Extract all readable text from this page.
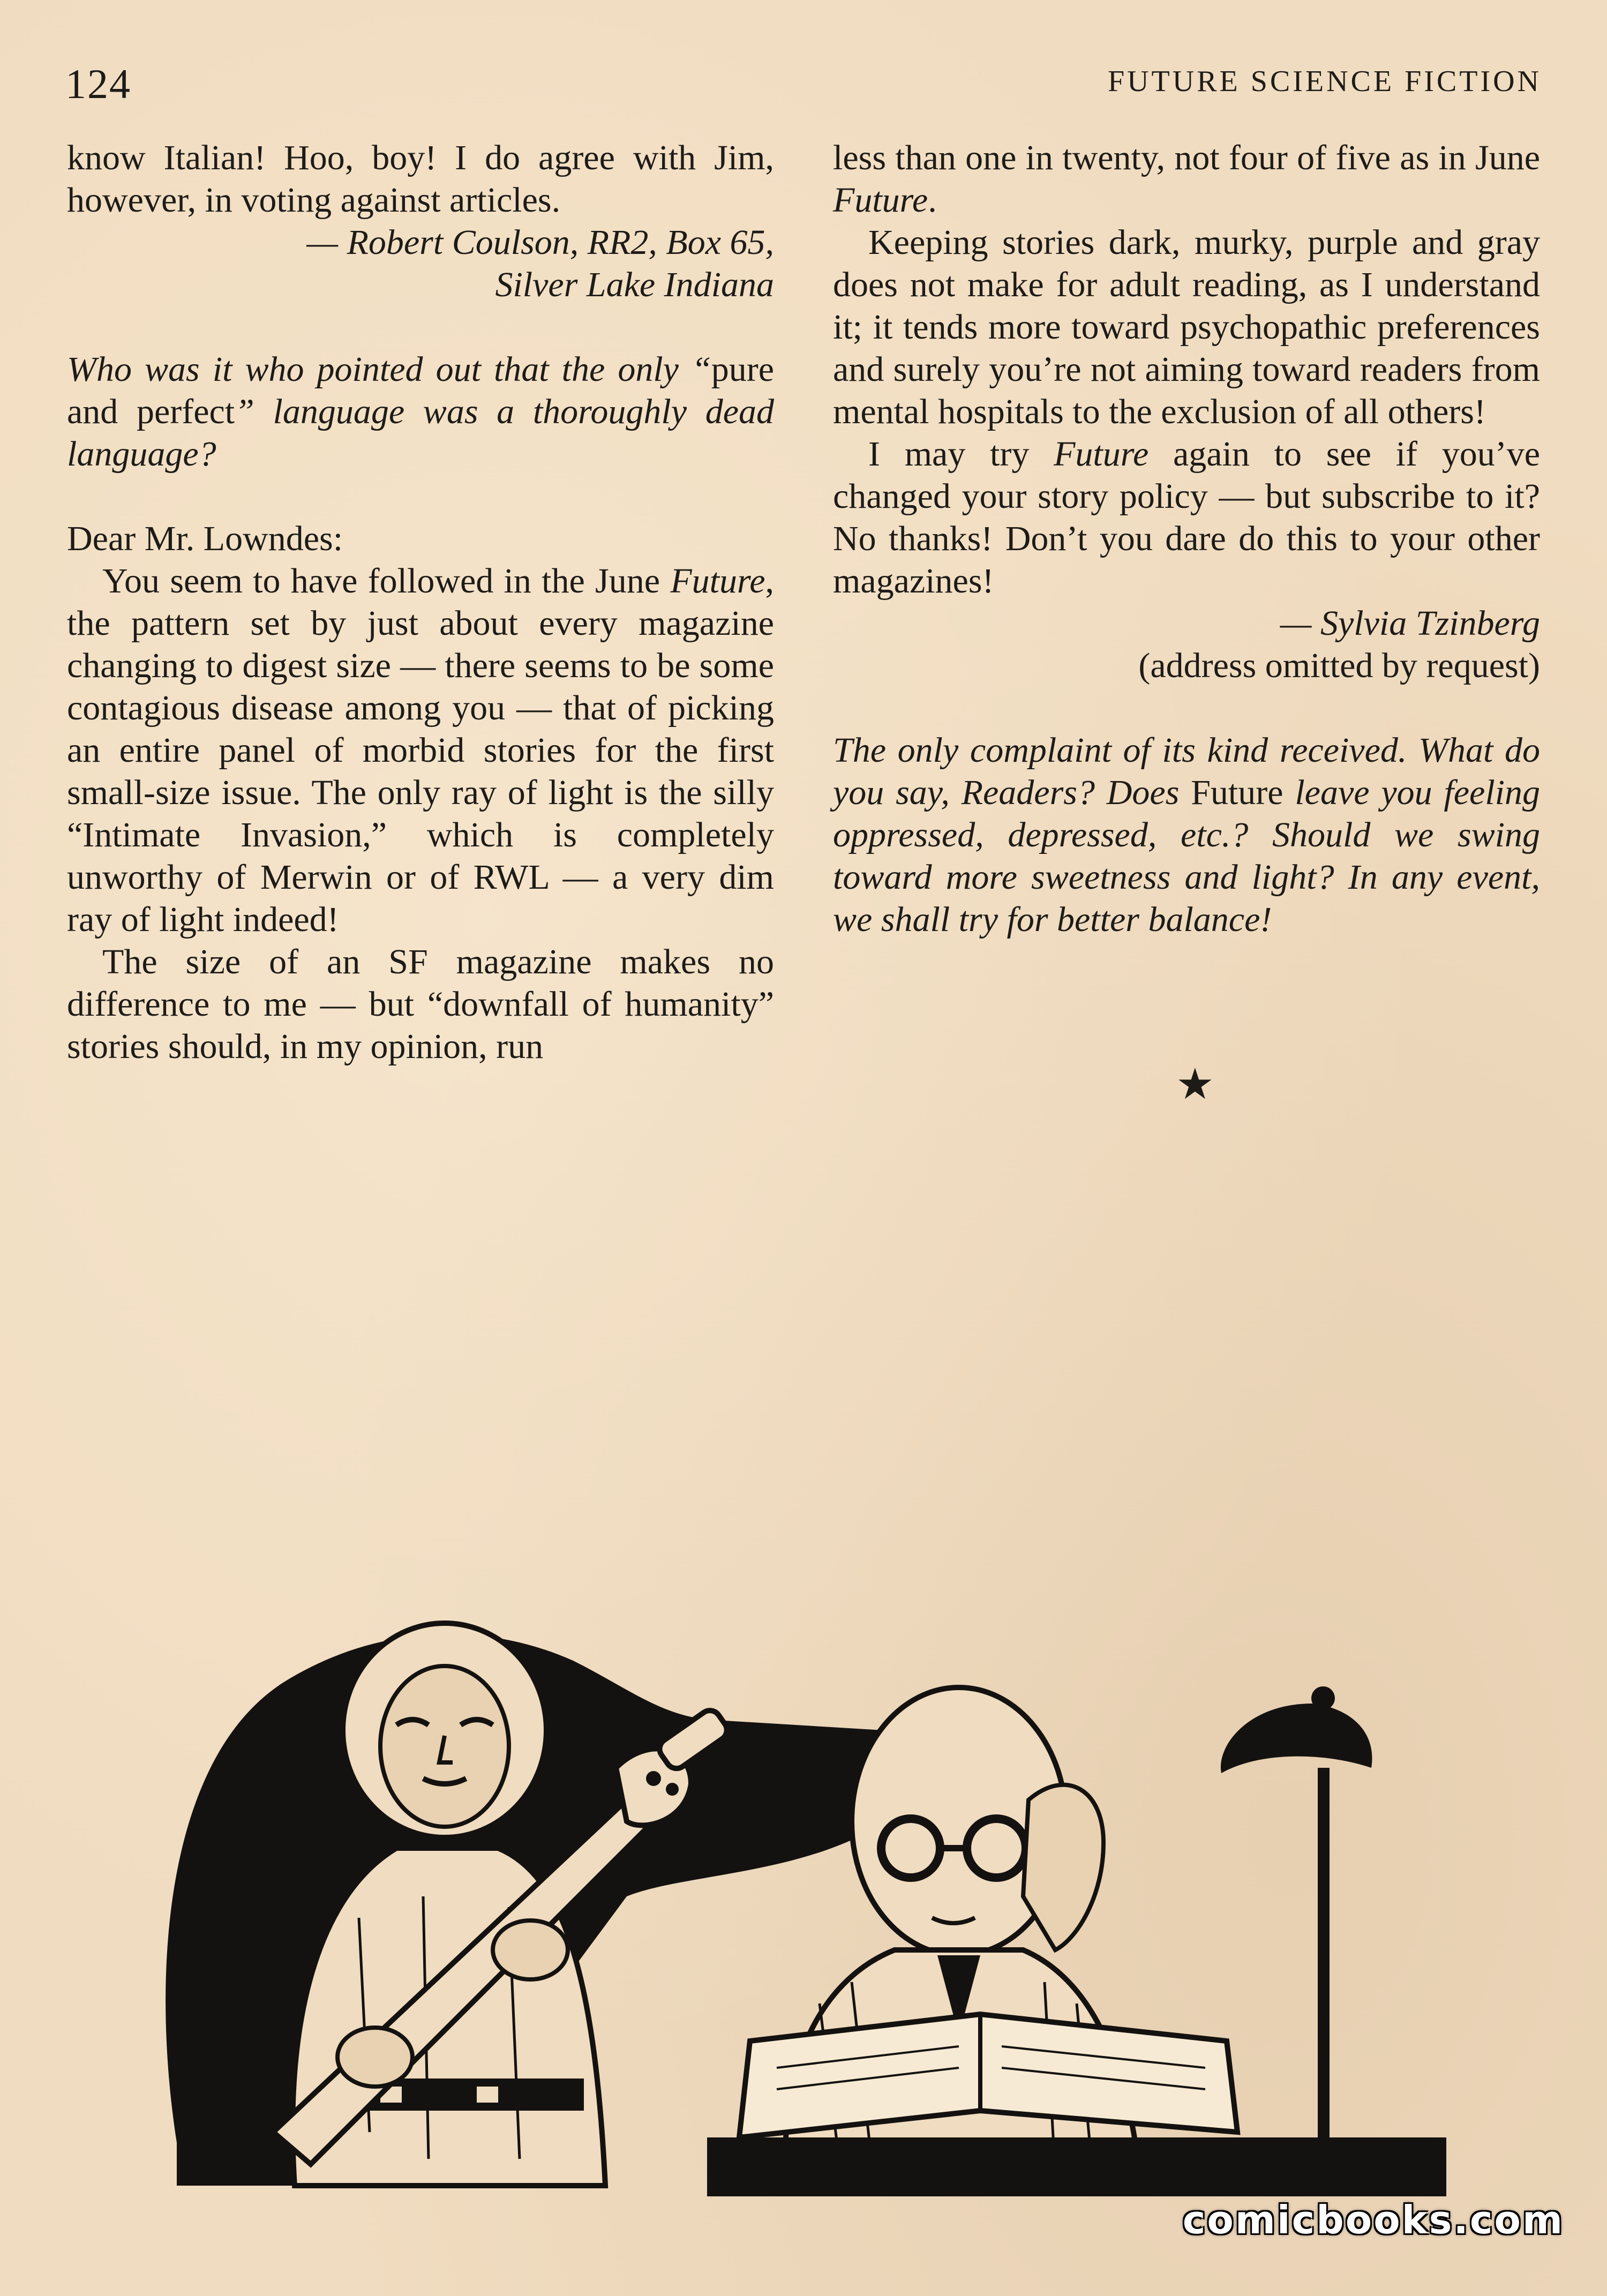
124	FUTURE SCIENCE FICTION

know Italian! Hoo, boy! I do agree with Jim, however, in voting against articles.

— Robert Coulson, RR2, Box 65,

Silver Lake Indiana

Who was it who pointed out that the only “pure and perfect” language was a thoroughly dead language?

Dear Mr. Lowndes:

You seem to have followed in the June Future, the pattern set by just about every magazine changing to digest size — there seems to be some contagious disease among you — that of picking an entire panel of morbid stories for the first small-size issue. The only ray of light is the silly “Intimate Invasion,” which is completely unworthy of Merwin or of RWL — a very dim ray of light indeed!

The size of an SF magazine makes no difference to me — but “downfall of humanity” stories should, in my opinion, run

less than one in twenty, not four of five as in June Future.

Keeping stories dark, murky, purple and gray does not make for adult reading, as I understand it; it tends more toward psychopathic preferences and surely you’re not aiming toward readers from mental hospitals to the exclusion of all others!

I may try Future again to see if you’ve changed your story policy — but subscribe to it? No thanks! Don’t you dare do this to your other magazines!

— Sylvia Tzinberg

(address omitted by request)

The only complaint of its kind received. What do you say, Readers? Does Future leave you feeling oppressed, depressed, etc.? Should we swing toward more sweetness and light? In any event, we shall try for better balance!

★
comicbooks.com
